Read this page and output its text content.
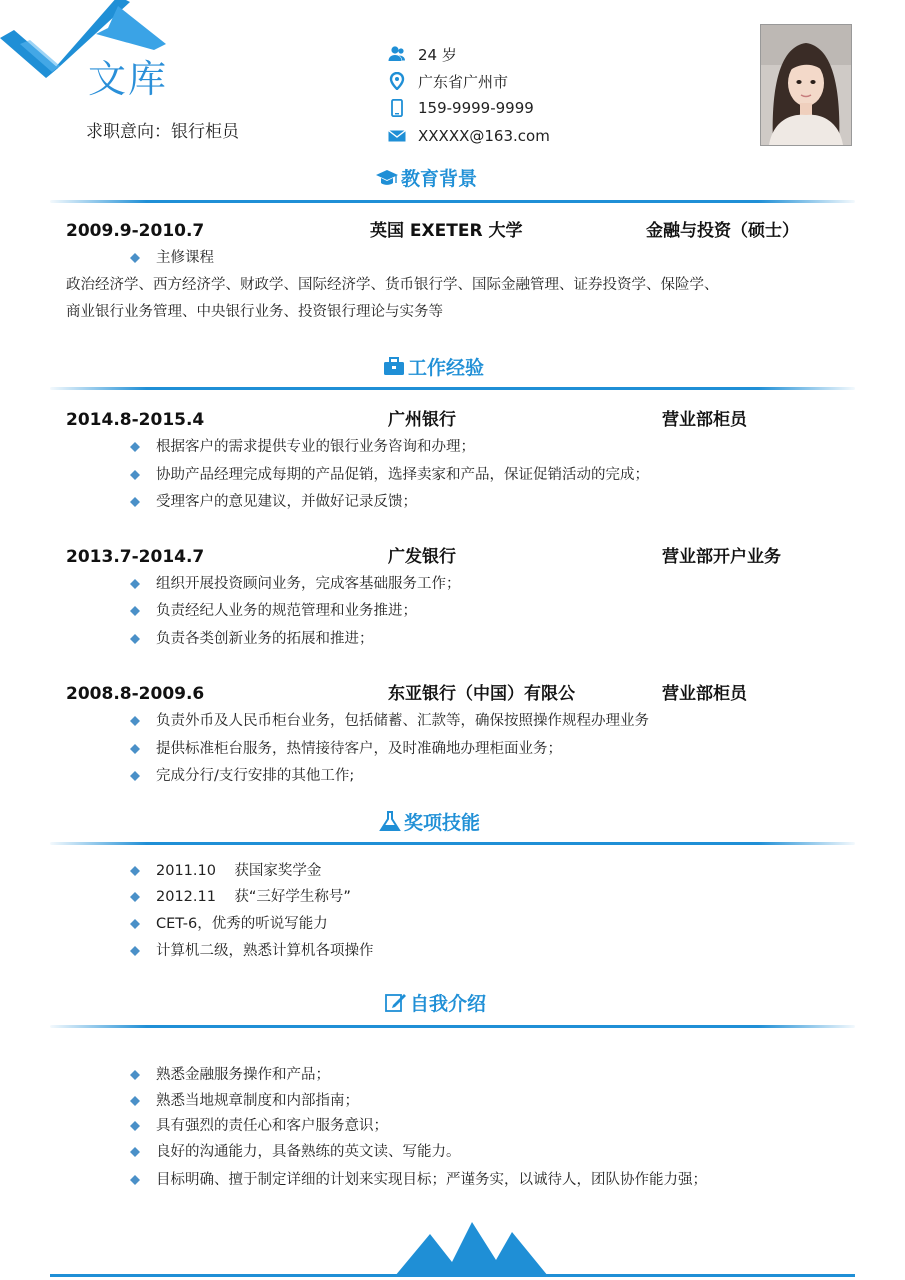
文库
求职意向：银行柜员
24 岁
广东省广州市
159-9999-9999
XXXXX@163.com
教育背景
2009.9-2010.7	英国 EXETER 大学	金融与投资（硕士）
主修课程
政治经济学、西方经济学、财政学、国际经济学、货币银行学、国际金融管理、证券投资学、保险学、
商业银行业务管理、中央银行业务、投资银行理论与实务等
工作经验
2014.8-2015.4	广州银行	营业部柜员
根据客户的需求提供专业的银行业务咨询和办理；
协助产品经理完成每期的产品促销，选择卖家和产品，保证促销活动的完成；
受理客户的意见建议，并做好记录反馈；
2013.7-2014.7	广发银行	营业部开户业务
组织开展投资顾问业务，完成客基础服务工作；
负责经纪人业务的规范管理和业务推进；
负责各类创新业务的拓展和推进；
2008.8-2009.6	东亚银行（中国）有限公	营业部柜员
负责外币及人民币柜台业务，包括储蓄、汇款等，确保按照操作规程办理业务
提供标准柜台服务，热情接待客户，及时准确地办理柜面业务；
完成分行/支行安排的其他工作;
奖项技能
2011.10    获国家奖学金
2012.11    获“三好学生称号”
CET-6，优秀的听说写能力
计算机二级，熟悉计算机各项操作
自我介绍
熟悉金融服务操作和产品；
熟悉当地规章制度和内部指南；
具有强烈的责任心和客户服务意识；
良好的沟通能力，具备熟练的英文读、写能力。
目标明确、擅于制定详细的计划来实现目标；严谨务实，以诚待人，团队协作能力强；
